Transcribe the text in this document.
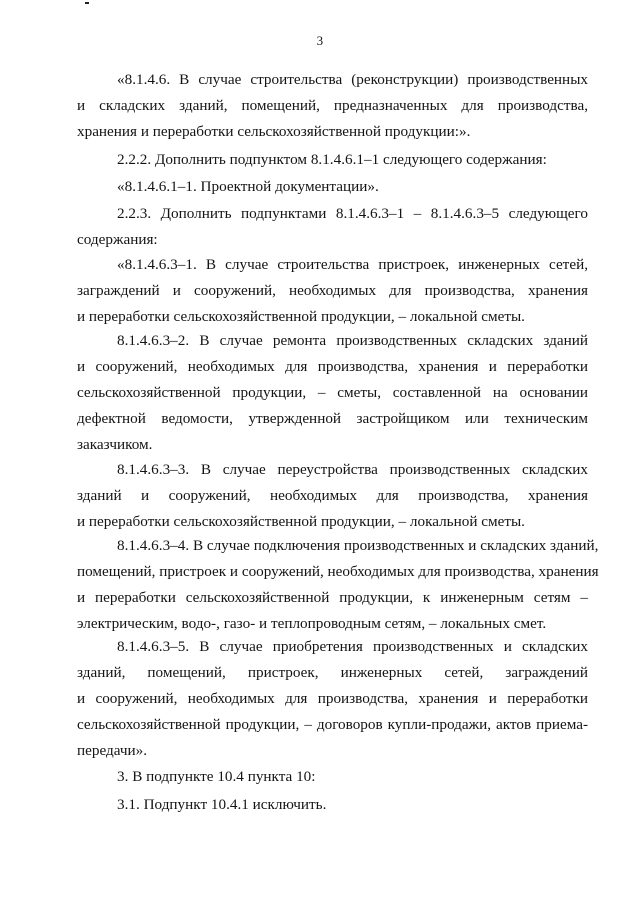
3
«8.1.4.6. В случае строительства (реконструкции) производственных
и складских зданий, помещений, предназначенных для производства,
хранения и переработки сельскохозяйственной продукции:».
2.2.2. Дополнить подпунктом 8.1.4.6.1–1 следующего содержания:
«8.1.4.6.1–1. Проектной документации».
2.2.3. Дополнить подпунктами 8.1.4.6.3–1 – 8.1.4.6.3–5 следующего
содержания:
«8.1.4.6.3–1. В случае строительства пристроек, инженерных сетей,
заграждений и сооружений, необходимых для производства, хранения
и переработки сельскохозяйственной продукции, – локальной сметы.
8.1.4.6.3–2. В случае ремонта производственных складских зданий
и сооружений, необходимых для производства, хранения и переработки
сельскохозяйственной продукции, – сметы, составленной на основании
дефектной ведомости, утвержденной застройщиком или техническим
заказчиком.
8.1.4.6.3–3. В случае переустройства производственных складских
зданий и сооружений, необходимых для производства, хранения
и переработки сельскохозяйственной продукции, – локальной сметы.
8.1.4.6.3–4. В случае подключения производственных и складских зданий,
помещений, пристроек и сооружений, необходимых для производства, хранения
и переработки сельскохозяйственной продукции, к инженерным сетям –
электрическим, водо-, газо- и теплопроводным сетям, – локальных смет.
8.1.4.6.3–5. В случае приобретения производственных и складских
зданий, помещений, пристроек, инженерных сетей, заграждений
и сооружений, необходимых для производства, хранения и переработки
сельскохозяйственной продукции, – договоров купли-продажи, актов приема-
передачи».
3. В подпункте 10.4 пункта 10:
3.1. Подпункт 10.4.1 исключить.
